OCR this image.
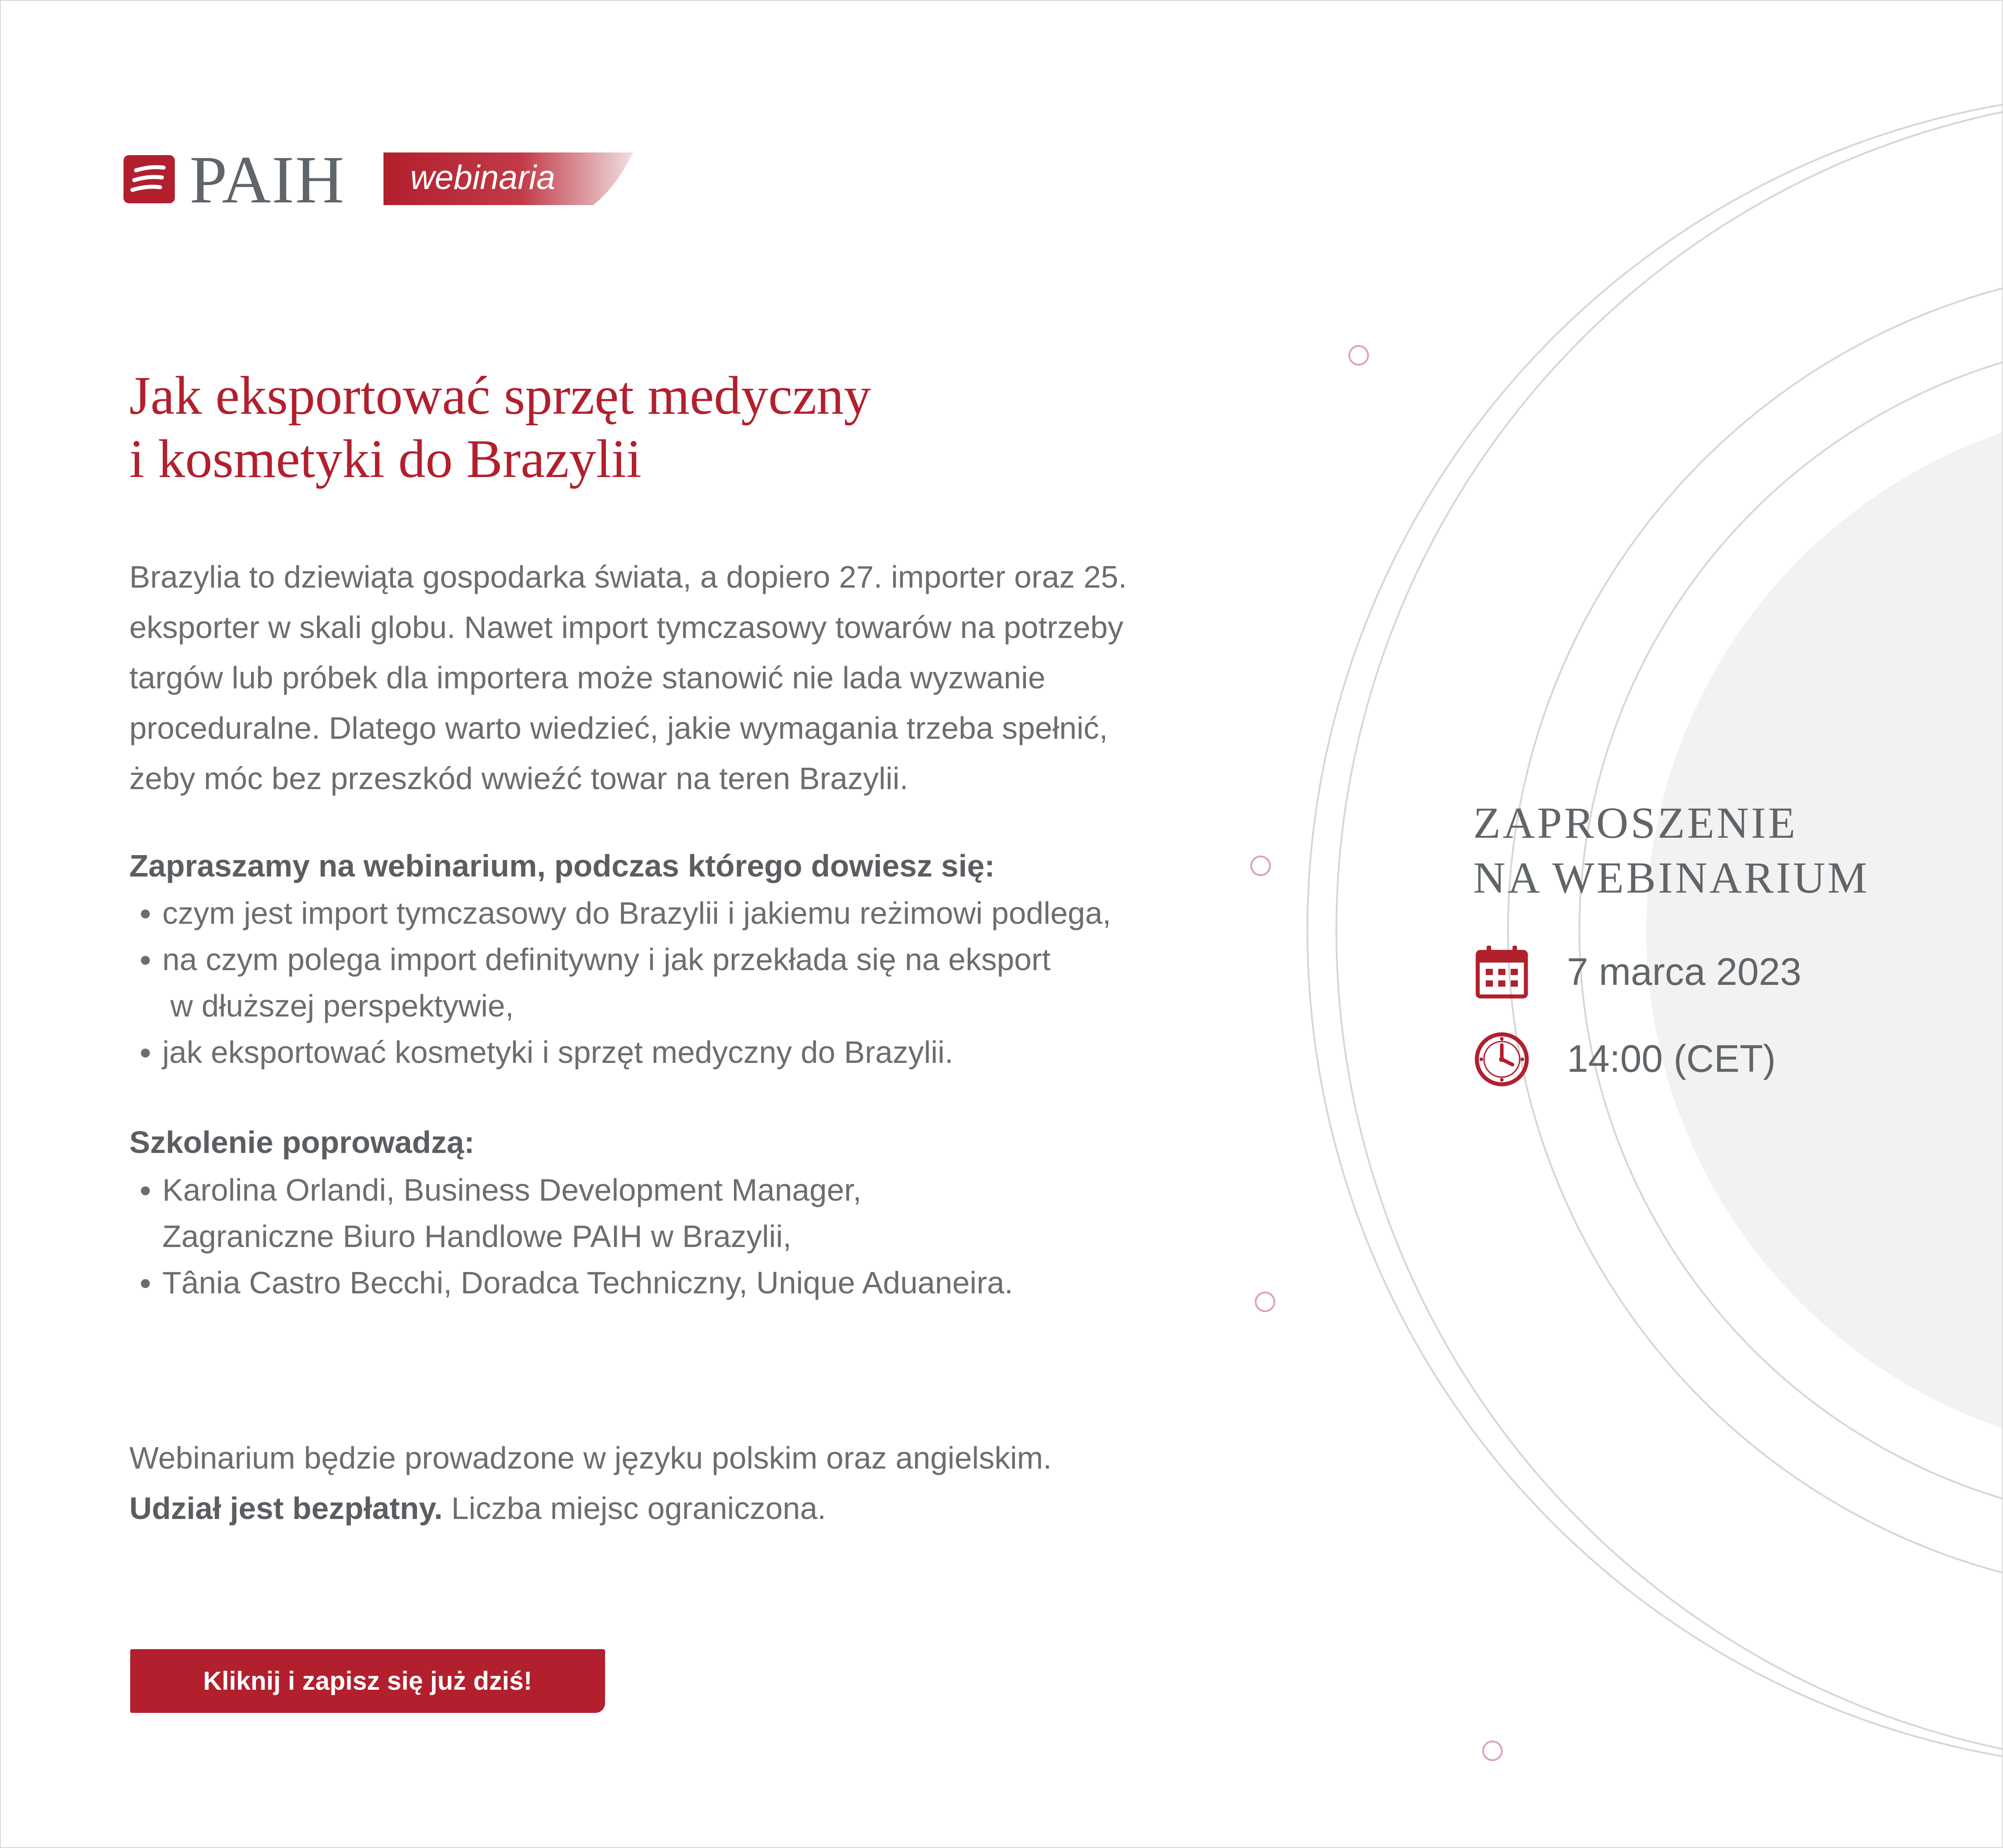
PAIH webinaria
Jak eksportować sprzęt medyczny
i kosmetyki do Brazylii

Brazylia to dziewiąta gospodarka świata, a dopiero 27. importer oraz 25.
eksporter w skali globu. Nawet import tymczasowy towarów na potrzeby
targów lub próbek dla importera może stanowić nie lada wyzwanie
proceduralne. Dlatego warto wiedzieć, jakie wymagania trzeba spełnić,
żeby móc bez przeszkód wwieźć towar na teren Brazylii.

Zapraszamy na webinarium, podczas którego dowiesz się:

czym jest import tymczasowy do Brazylii i jakiemu reżimowi podlega,
na czym polega import definitywny i jak przekłada się na eksport
w dłuższej perspektywie,
jak eksportować kosmetyki i sprzęt medyczny do Brazylii.

Szkolenie poprowadzą:

Karolina Orlandi, Business Development Manager,
Zagraniczne Biuro Handlowe PAIH w Brazylii,
Tânia Castro Becchi, Doradca Techniczny, Unique Aduaneira.

Webinarium będzie prowadzone w języku polskim oraz angielskim.
Udział jest bezpłatny. Liczba miejsc ograniczona.

Kliknij i zapisz się już dziś!
ZAPROSZENIE
NA WEBINARIUM
7 marca 2023
14:00 (CET)
